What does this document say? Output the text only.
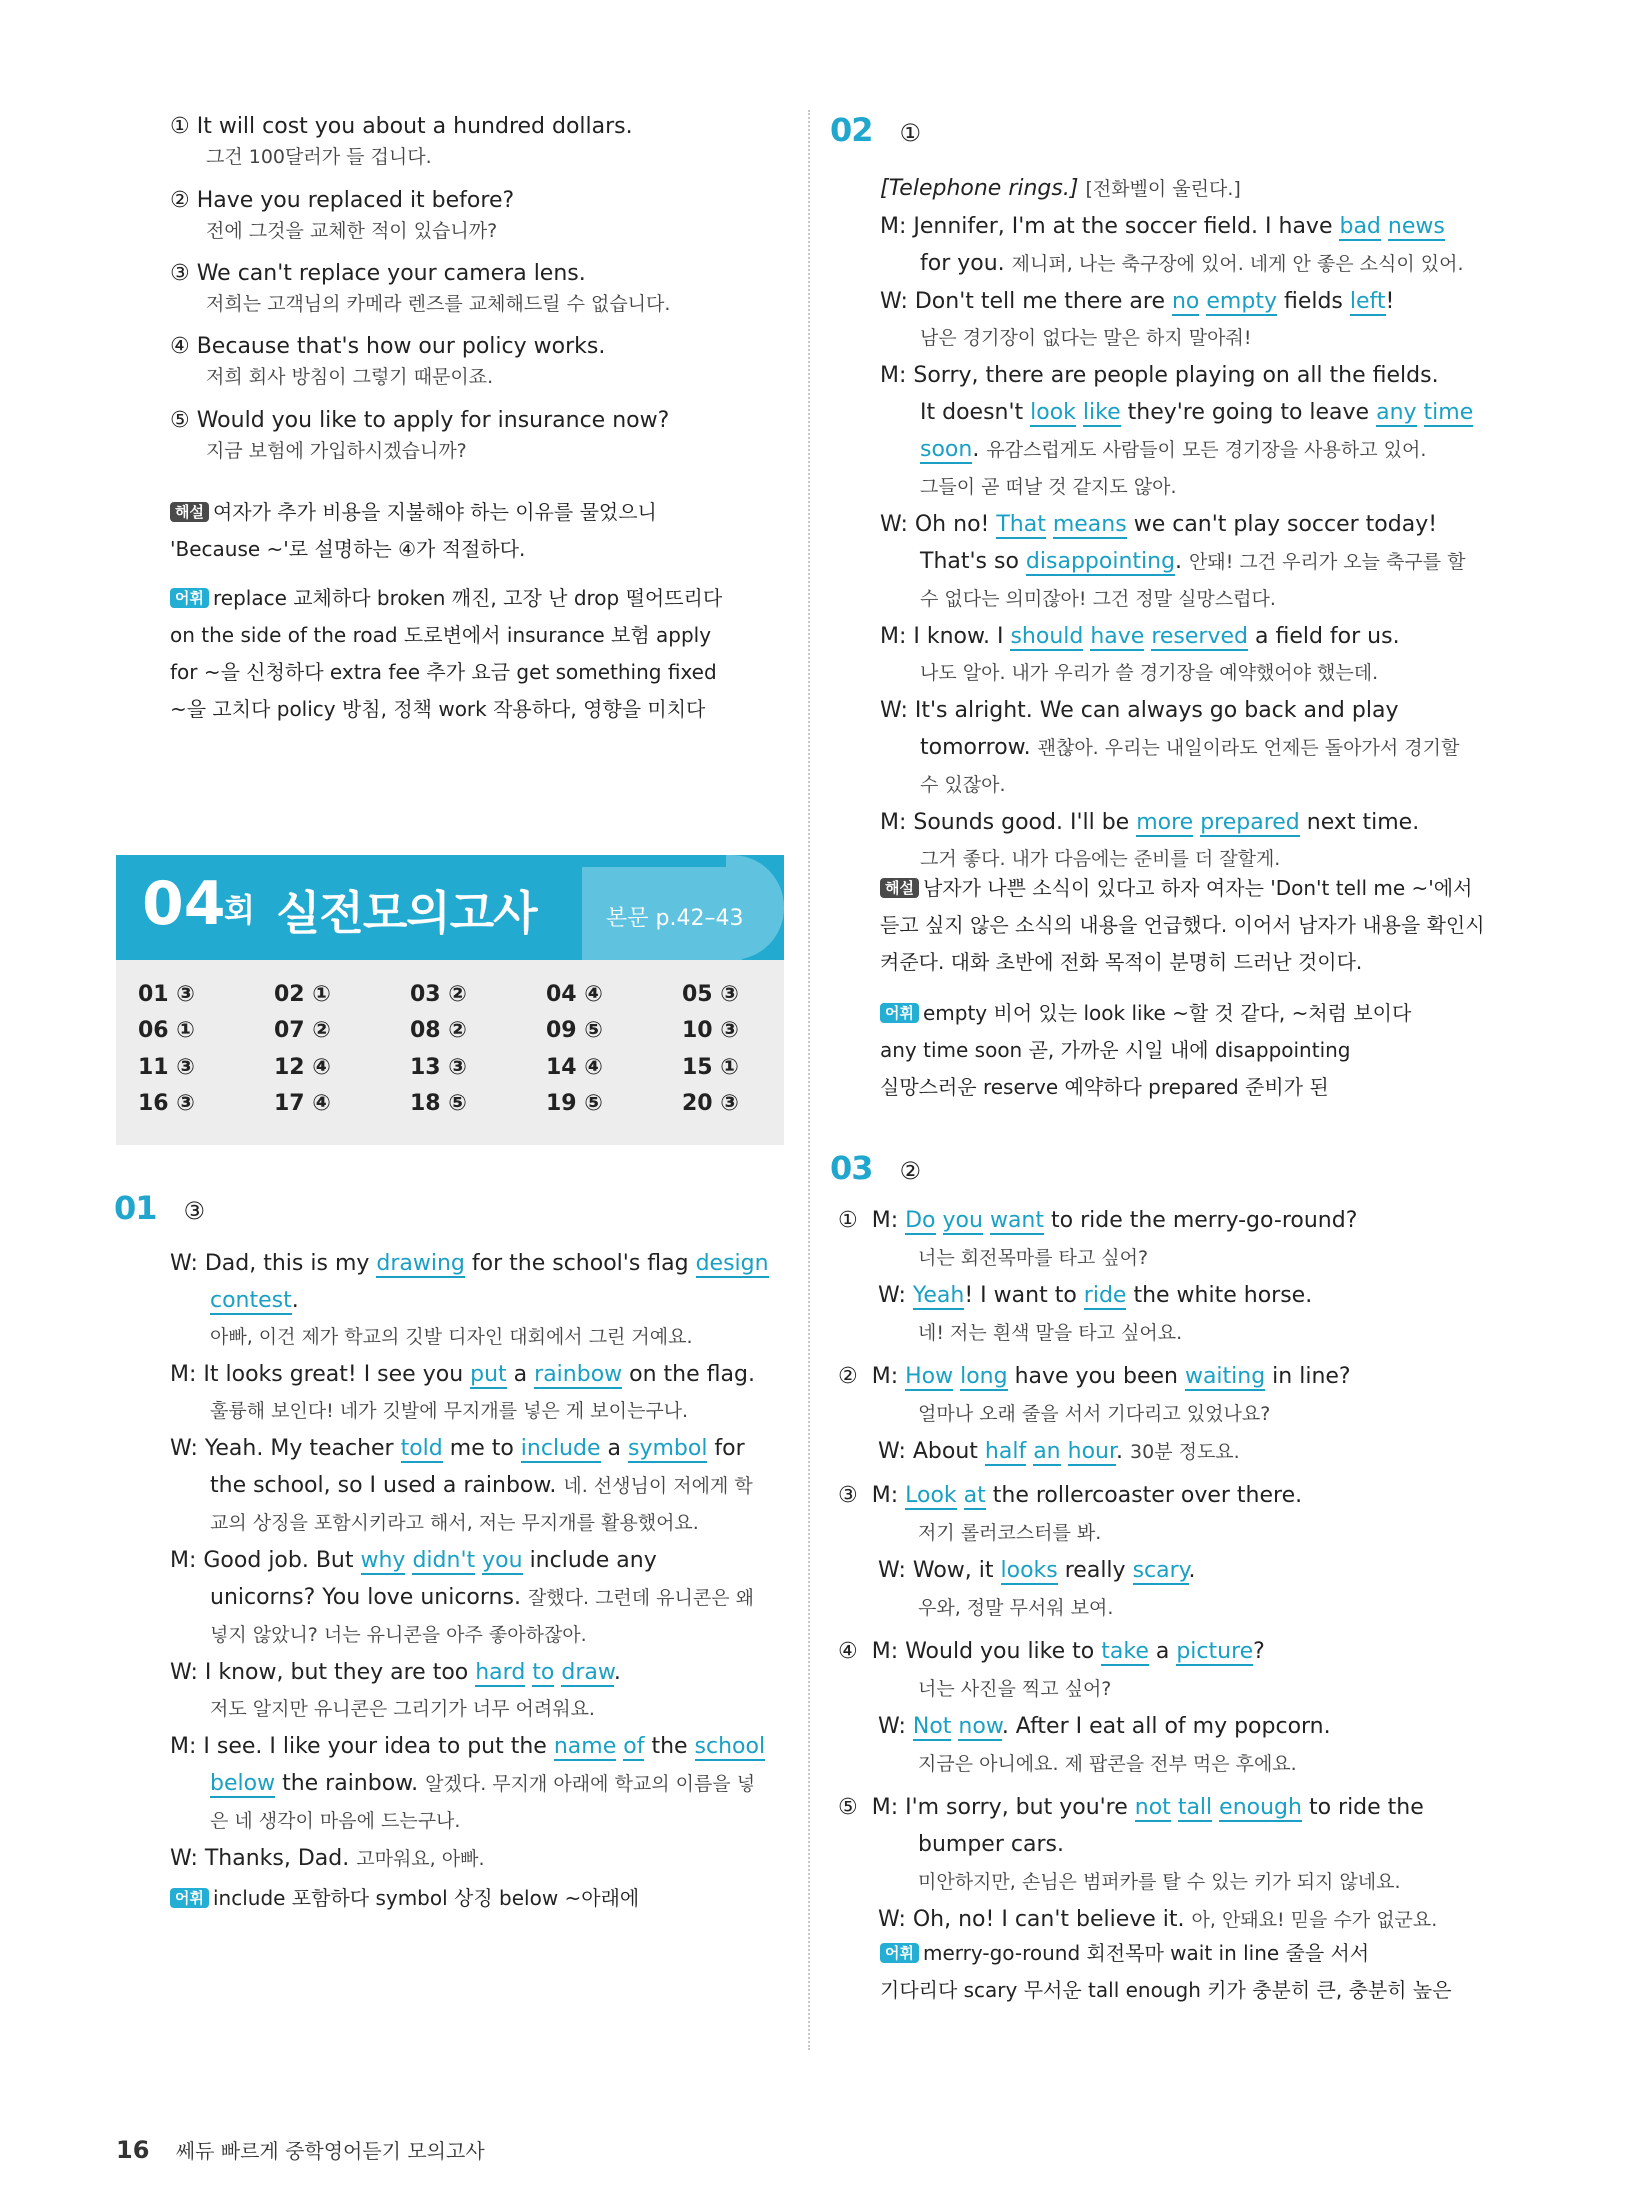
① It will cost you about a hundred dollars.
그건 100달러가 들 겁니다.
② Have you replaced it before?
전에 그것을 교체한 적이 있습니까?
③ We can't replace your camera lens.
저희는 고객님의 카메라 렌즈를 교체해드릴 수 없습니다.
④ Because that's how our policy works.
저희 회사 방침이 그렇기 때문이죠.
⑤ Would you like to apply for insurance now?
지금 보험에 가입하시겠습니까?
해설 여자가 추가 비용을 지불해야 하는 이유를 물었으니
'Because ~'로 설명하는 ④가 적절하다.
어휘 replace 교체하다 broken 깨진, 고장 난 drop 떨어뜨리다
on the side of the road 도로변에서 insurance 보험 apply
for ~을 신청하다 extra fee 추가 요금 get something fixed
~을 고치다 policy 방침, 정책 work 작용하다, 영향을 미치다
04
회 실전모의고사	본문 p.42–43
01 ③	02 ①	03 ②	04 ④	05 ③
06 ①	07 ②	08 ②	09 ⑤	10 ③
11 ③	12 ④	13 ③	14 ④	15 ①
16 ③	17 ④	18 ⑤	19 ⑤	20 ③
01 ③
W: Dad, this is my drawing for the school's flag design
contest.
아빠, 이건 제가 학교의 깃발 디자인 대회에서 그린 거예요.
M: It looks great! I see you put a rainbow on the flag.
훌륭해 보인다! 네가 깃발에 무지개를 넣은 게 보이는구나.
W: Yeah. My teacher told me to include a symbol for
the school, so I used a rainbow. 네. 선생님이 저에게 학
교의 상징을 포함시키라고 해서, 저는 무지개를 활용했어요.
M: Good job. But why didn't you include any
unicorns? You love unicorns. 잘했다. 그런데 유니콘은 왜
넣지 않았니? 너는 유니콘을 아주 좋아하잖아.
W: I know, but they are too hard to draw.
저도 알지만 유니콘은 그리기가 너무 어려워요.
M: I see. I like your idea to put the name of the school
below the rainbow. 알겠다. 무지개 아래에 학교의 이름을 넣
은 네 생각이 마음에 드는구나.
W: Thanks, Dad. 고마워요, 아빠.
어휘 include 포함하다 symbol 상징 below ~아래에
02 ①
[Telephone rings.] [전화벨이 울린다.]
M: Jennifer, I'm at the soccer field. I have bad news
for you. 제니퍼, 나는 축구장에 있어. 네게 안 좋은 소식이 있어.
W: Don't tell me there are no empty fields left!
남은 경기장이 없다는 말은 하지 말아줘!
M: Sorry, there are people playing on all the fields.
It doesn't look like they're going to leave any time
soon. 유감스럽게도 사람들이 모든 경기장을 사용하고 있어.
그들이 곧 떠날 것 같지도 않아.
W: Oh no! That means we can't play soccer today!
That's so disappointing. 안돼! 그건 우리가 오늘 축구를 할
수 없다는 의미잖아! 그건 정말 실망스럽다.
M: I know. I should have reserved a field for us.
나도 알아. 내가 우리가 쓸 경기장을 예약했어야 했는데.
W: It's alright. We can always go back and play
tomorrow. 괜찮아. 우리는 내일이라도 언제든 돌아가서 경기할
수 있잖아.
M: Sounds good. I'll be more prepared next time.
그거 좋다. 내가 다음에는 준비를 더 잘할게.
해설 남자가 나쁜 소식이 있다고 하자 여자는 'Don't tell me ~'에서
듣고 싶지 않은 소식의 내용을 언급했다. 이어서 남자가 내용을 확인시
켜준다. 대화 초반에 전화 목적이 분명히 드러난 것이다.
어휘 empty 비어 있는 look like ~할 것 같다, ~처럼 보이다
any time soon 곧, 가까운 시일 내에 disappointing
실망스러운 reserve 예약하다 prepared 준비가 된
03 ②
①  M: Do you want to ride the merry-go-round?
너는 회전목마를 타고 싶어?
W: Yeah! I want to ride the white horse.
네! 저는 흰색 말을 타고 싶어요.
②  M: How long have you been waiting in line?
얼마나 오래 줄을 서서 기다리고 있었나요?
W: About half an hour. 30분 정도요.
③  M: Look at the rollercoaster over there.
저기 롤러코스터를 봐.
W: Wow, it looks really scary.
우와, 정말 무서워 보여.
④  M: Would you like to take a picture?
너는 사진을 찍고 싶어?
W: Not now. After I eat all of my popcorn.
지금은 아니에요. 제 팝콘을 전부 먹은 후에요.
⑤  M: I'm sorry, but you're not tall enough to ride the
bumper cars.
미안하지만, 손님은 범퍼카를 탈 수 있는 키가 되지 않네요.
W: Oh, no! I can't believe it. 아, 안돼요! 믿을 수가 없군요.
어휘 merry-go-round 회전목마 wait in line 줄을 서서
기다리다 scary 무서운 tall enough 키가 충분히 큰, 충분히 높은
16 쎄듀 빠르게 중학영어듣기 모의고사
